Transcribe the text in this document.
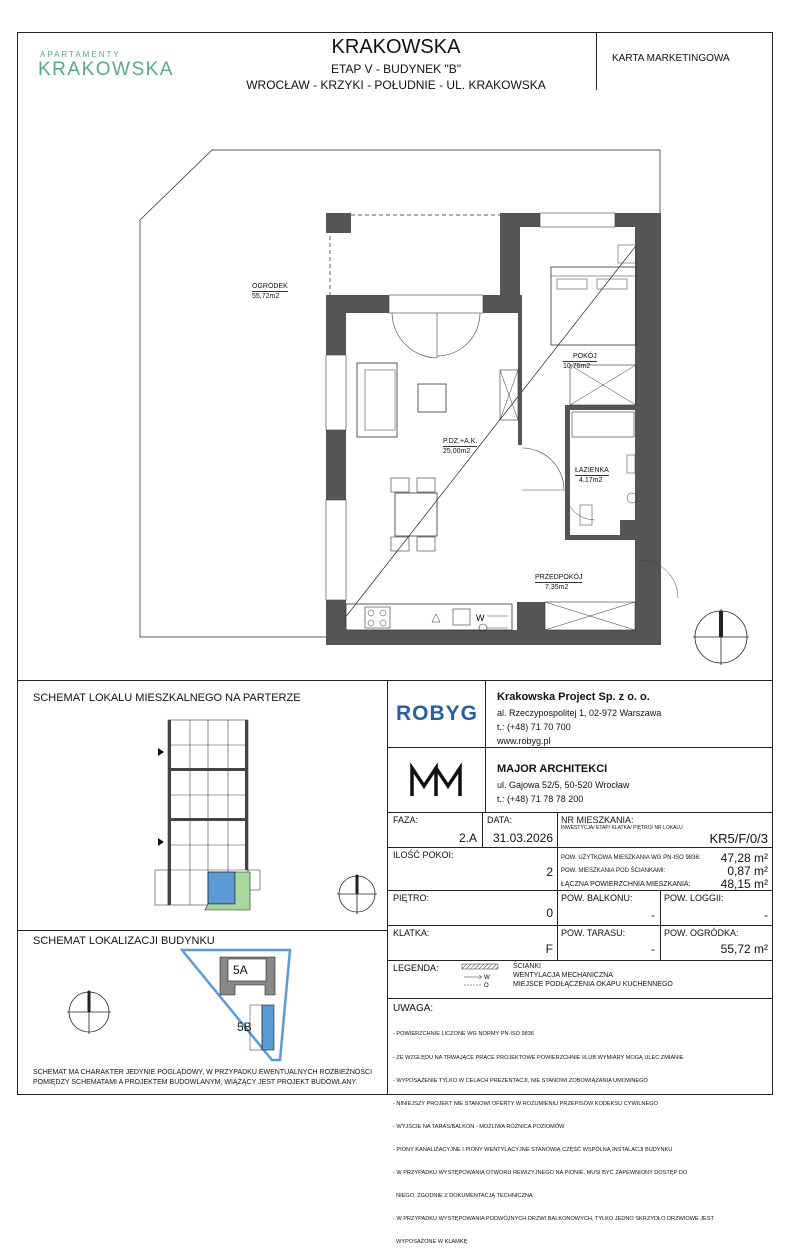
APARTAMENTY
KRAKOWSKA
KRAKOWSKA
ETAP V - BUDYNEK "B"
WROCŁAW - KRZYKI - POŁUDNIE - UL. KRAKOWSKA
KARTA MARKETINGOWA
W
OGRÓDEK
55,72m2
POKÓJ
10,76m2
P.DZ.+A.K.
25,00m2
ŁAZIENKA
4,17m2
PRZEDPOKÓJ
7,35m2
SCHEMAT LOKALU MIESZKALNEGO NA PARTERZE
SCHEMAT LOKALIZACJI BUDYNKU
5A
5B
SCHEMAT MA CHARAKTER JEDYNIE POGLĄDOWY, W PRZYPADKU EWENTUALNYCH ROZBIEŻNOŚCI POMIĘDZY SCHEMATAMI A PROJEKTEM BUDOWLANYM, WIĄŻĄCY JEST PROJEKT BUDOWLANY.
ROBYG
Krakowska Project Sp. z o. o.
al. Rzeczypospolitej 1, 02-972 Warszawa
t.: (+48) 71 70 700
www.robyg.pl
MAJOR ARCHITEKCI
ul. Gajowa 52/5, 50-520 Wrocław
t.: (+48) 71 78 78 200
FAZA:
2.A
DATA:
31.03.2026
NR MIESZKANIA:
INWESTYCJA/ ETAP/ KLATKA/ PIĘTRO/ NR LOKALU
KR5/F/0/3
ILOŚĆ POKOI:
2
POW. UŻYTKOWA MIESZKANIA WG PN-ISO 9836:	47,28 m²
POW. MIESZKANIA POD ŚCIANKAMI:	0,87 m²
ŁĄCZNA POWIERZCHNIA MIESZKANIA:	48,15 m²
PIĘTRO:
0
POW. BALKONU:
-
POW. LOGGII:
-
KLATKA:
F
POW. TARASU:
-
POW. OGRÓDKA:
55,72 m²
LEGENDA:
W
O
ŚCIANKI
WENTYLACJA MECHANICZNA
MIEJSCE PODŁĄCZENIA OKAPU KUCHENNEGO
UWAGA:

- POWIERZCHNIE LICZONE WG NORMY PN-ISO 9836

- ZE WZGLĘDU NA TRWAJĄCE PRACE PROJEKTOWE POWIERZCHNIE I/LUB WYMIARY MOGĄ ULEC ZMIANIE

- WYPOSAŻENIE TYLKO W CELACH PREZENTACJI, NIE STANOWI ZOBOWIĄZANIA UMOWNEGO

- NINIEJSZY PROJEKT NIE STANOWI OFERTY W ROZUMIENIU PRZEPISÓW KODEKSU CYWILNEGO

- WYJŚCIE NA TARAS/BALKON - MOŻLIWA RÓŻNICA POZIOMÓW

- PIONY KANALIZACYJNE I PIONY WENTYLACYJNE STANOWIĄ CZĘŚĆ WSPÓLNĄ INSTALACJI BUDYNKU

- W PRZYPADKU WYSTĘPOWANIA OTWORU REWIZYJNEGO NA PIONIE, MUSI BYĆ ZAPEWNIONY DOSTĘP DO

NIEGO, ZGODNIE Z DOKUMENTACJĄ TECHNICZNĄ

- W PRZYPADKU WYSTĘPOWANIA PODWÓJNYCH DRZWI BALKONOWYCH, TYLKO JEDNO SKRZYDŁO DRZWIOWE JEST

WYPOSAŻONE W KLAMKĘ
